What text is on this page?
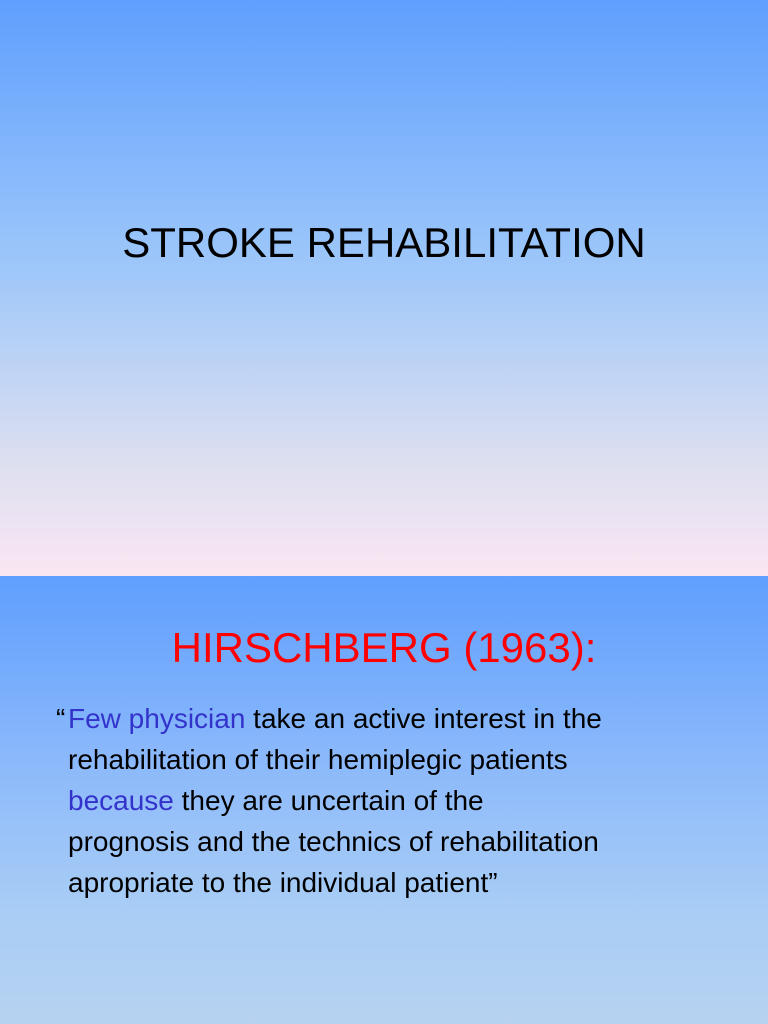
STROKE REHABILITATION
HIRSCHBERG (1963):

“ Few physician take an active interest in the
rehabilitation of their hemiplegic patients
because they are uncertain of the
prognosis and the technics of rehabilitation
apropriate to the individual patient”
